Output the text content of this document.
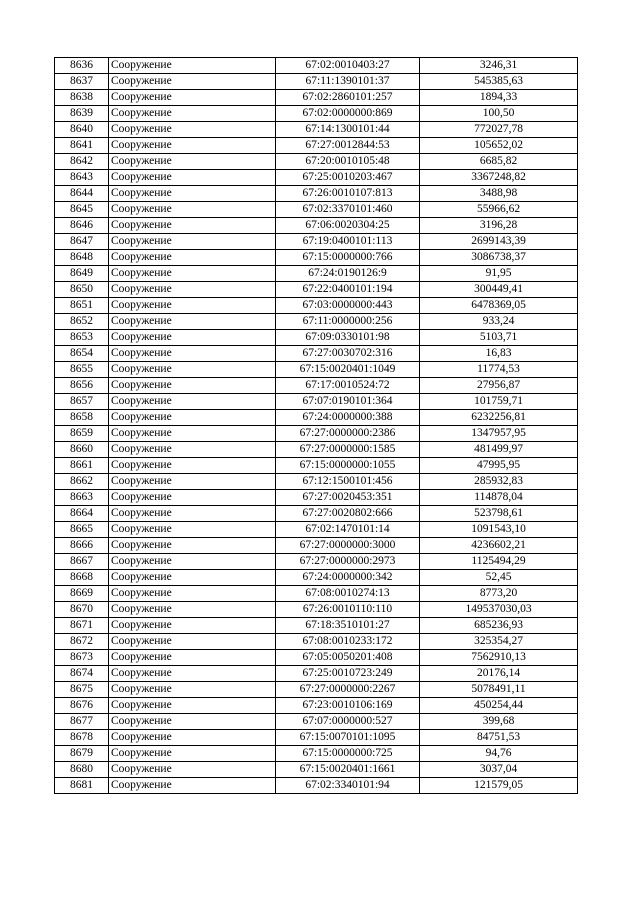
8636	Сооружение	67:02:0010403:27	3246,31
8637	Сооружение	67:11:1390101:37	545385,63
8638	Сооружение	67:02:2860101:257	1894,33
8639	Сооружение	67:02:0000000:869	100,50
8640	Сооружение	67:14:1300101:44	772027,78
8641	Сооружение	67:27:0012844:53	105652,02
8642	Сооружение	67:20:0010105:48	6685,82
8643	Сооружение	67:25:0010203:467	3367248,82
8644	Сооружение	67:26:0010107:813	3488,98
8645	Сооружение	67:02:3370101:460	55966,62
8646	Сооружение	67:06:0020304:25	3196,28
8647	Сооружение	67:19:0400101:113	2699143,39
8648	Сооружение	67:15:0000000:766	3086738,37
8649	Сооружение	67:24:0190126:9	91,95
8650	Сооружение	67:22:0400101:194	300449,41
8651	Сооружение	67:03:0000000:443	6478369,05
8652	Сооружение	67:11:0000000:256	933,24
8653	Сооружение	67:09:0330101:98	5103,71
8654	Сооружение	67:27:0030702:316	16,83
8655	Сооружение	67:15:0020401:1049	11774,53
8656	Сооружение	67:17:0010524:72	27956,87
8657	Сооружение	67:07:0190101:364	101759,71
8658	Сооружение	67:24:0000000:388	6232256,81
8659	Сооружение	67:27:0000000:2386	1347957,95
8660	Сооружение	67:27:0000000:1585	481499,97
8661	Сооружение	67:15:0000000:1055	47995,95
8662	Сооружение	67:12:1500101:456	285932,83
8663	Сооружение	67:27:0020453:351	114878,04
8664	Сооружение	67:27:0020802:666	523798,61
8665	Сооружение	67:02:1470101:14	1091543,10
8666	Сооружение	67:27:0000000:3000	4236602,21
8667	Сооружение	67:27:0000000:2973	1125494,29
8668	Сооружение	67:24:0000000:342	52,45
8669	Сооружение	67:08:0010274:13	8773,20
8670	Сооружение	67:26:0010110:110	149537030,03
8671	Сооружение	67:18:3510101:27	685236,93
8672	Сооружение	67:08:0010233:172	325354,27
8673	Сооружение	67:05:0050201:408	7562910,13
8674	Сооружение	67:25:0010723:249	20176,14
8675	Сооружение	67:27:0000000:2267	5078491,11
8676	Сооружение	67:23:0010106:169	450254,44
8677	Сооружение	67:07:0000000:527	399,68
8678	Сооружение	67:15:0070101:1095	84751,53
8679	Сооружение	67:15:0000000:725	94,76
8680	Сооружение	67:15:0020401:1661	3037,04
8681	Сооружение	67:02:3340101:94	121579,05
